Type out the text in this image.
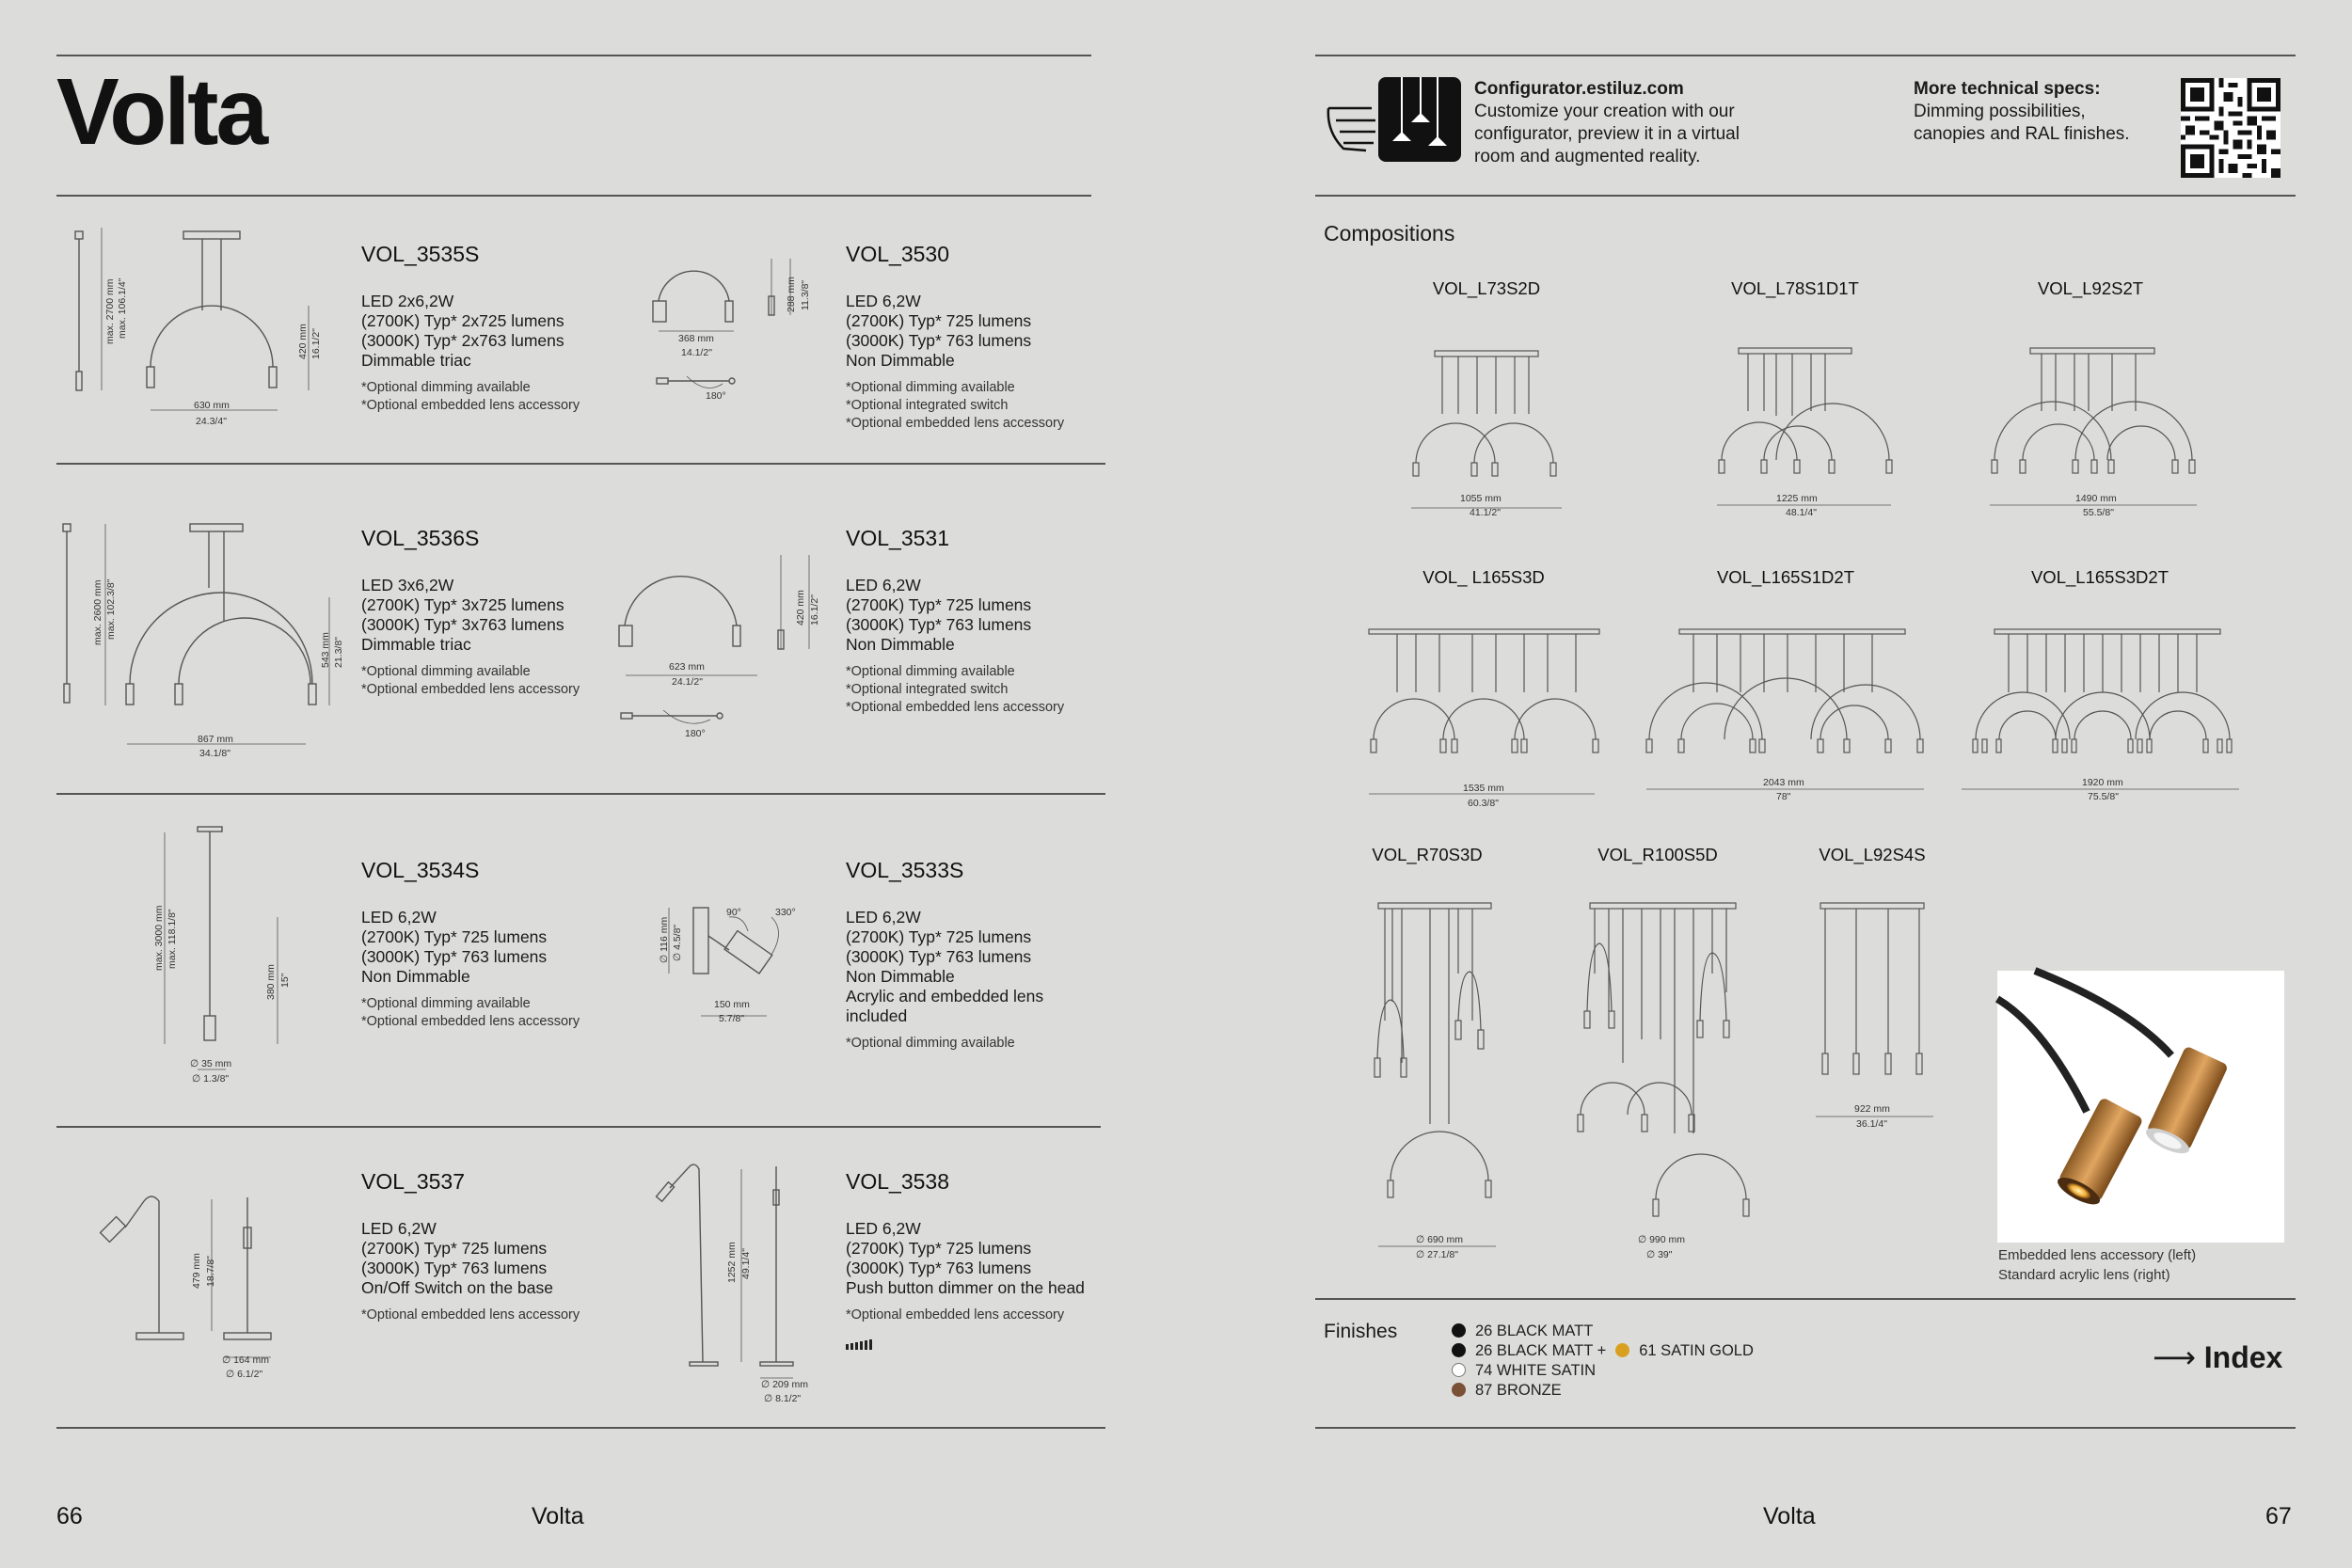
Volta
max. 2700 mm max. 106.1/4"
420 mm 16.1/2"
630 mm
24.3/4"
VOL_3535S
LED 2x6,2W
(2700K) Typ* 2x725 lumens
(3000K) Typ* 2x763 lumens
Dimmable triac
*Optional dimming available
*Optional embedded lens accessory
368 mm
14.1/2"
288 mm 11.3/8"
180°
VOL_3530
LED 6,2W
(2700K) Typ* 725 lumens
(3000K) Typ* 763 lumens
Non Dimmable
*Optional dimming available
*Optional integrated switch
*Optional embedded lens accessory
max. 2600 mm max. 102.3/8"
543 mm 21.3/8"
867 mm
34.1/8"
VOL_3536S
LED 3x6,2W
(2700K) Typ* 3x725 lumens
(3000K) Typ* 3x763 lumens
Dimmable triac
*Optional dimming available
*Optional embedded lens accessory
623 mm
24.1/2"
420 mm 16.1/2"
180°
VOL_3531
LED 6,2W
(2700K) Typ* 725 lumens
(3000K) Typ* 763 lumens
Non Dimmable
*Optional dimming available
*Optional integrated switch
*Optional embedded lens accessory
max. 3000 mm max. 118.1/8"
380 mm 15"
∅ 35 mm
∅ 1.3/8"
VOL_3534S
LED 6,2W
(2700K) Typ* 725 lumens
(3000K) Typ* 763 lumens
Non Dimmable
*Optional dimming available
*Optional embedded lens accessory
∅ 116 mm ∅ 4.5/8"
90°	330°
150 mm
5.7/8"
VOL_3533S
LED 6,2W
(2700K) Typ* 725 lumens
(3000K) Typ* 763 lumens
Non Dimmable
Acrylic and embedded lens
included
*Optional dimming available
479 mm 18.7/8"
∅ 164 mm
∅ 6.1/2"
VOL_3537
LED 6,2W
(2700K) Typ* 725 lumens
(3000K) Typ* 763 lumens
On/Off Switch on the base
*Optional embedded lens accessory
1252 mm 49.1/4"
∅ 209 mm
∅ 8.1/2"
VOL_3538
LED 6,2W
(2700K) Typ* 725 lumens
(3000K) Typ* 763 lumens
Push button dimmer on the head
*Optional embedded lens accessory
66	Volta
Configurator.estiluz.com
Customize your creation with our
configurator, preview it in a virtual
room and augmented reality.
More technical specs:
Dimming possibilities,
canopies and RAL finishes.
Compositions
VOL_L73S2D	VOL_L78S1D1T	VOL_L92S2T
VOL_ L165S3D	VOL_L165S1D2T	VOL_L165S3D2T
VOL_R70S3D	VOL_R100S5D	VOL_L92S4S
1055 mm
41.1/2"
1225 mm
48.1/4"
1490 mm
55.5/8"
1535 mm
60.3/8"
2043 mm
78"
1920 mm
75.5/8"
∅ 690 mm
∅ 27.1/8"
∅ 990 mm
∅ 39"
922 mm
36.1/4"
Embedded lens accessory (left)
Standard acrylic lens (right)
Finishes	26 BLACK MATT
26 BLACK MATT + 61 SATIN GOLD
74 WHITE SATIN
87 BRONZE
⟶ Index
Volta	67
